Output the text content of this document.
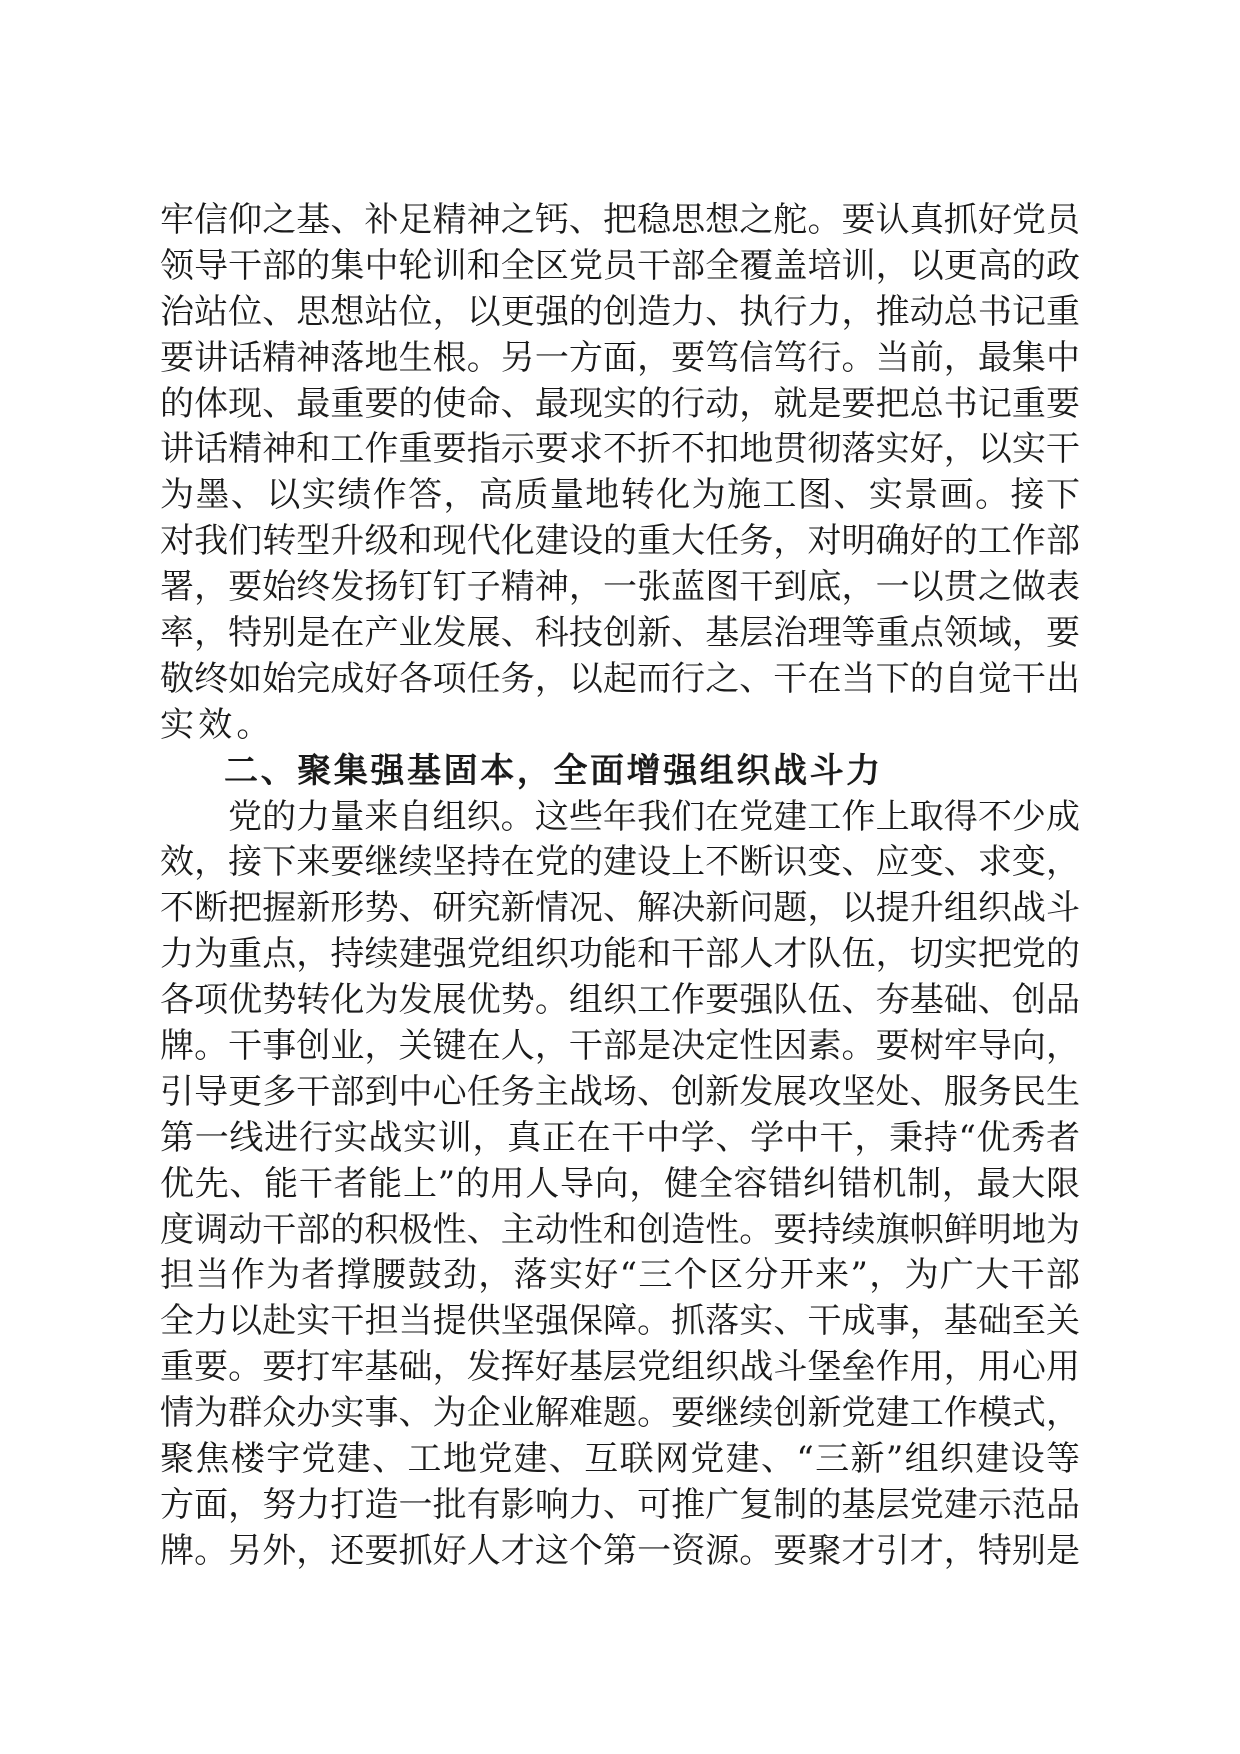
牢信仰之基、补足精神之钙、把稳思想之舵。要认真抓好党员
领导干部的集中轮训和全区党员干部全覆盖培训，以更高的政
治站位、思想站位，以更强的创造力、执行力，推动总书记重
要讲话精神落地生根。另一方面，要笃信笃行。当前，最集中
的体现、最重要的使命、最现实的行动，就是要把总书记重要
讲话精神和工作重要指示要求不折不扣地贯彻落实好，以实干
为墨、以实绩作答，高质量地转化为施工图、实景画。接下
对我们转型升级和现代化建设的重大任务，对明确好的工作部
署，要始终发扬钉钉子精神，一张蓝图干到底，一以贯之做表
率，特别是在产业发展、科技创新、基层治理等重点领域，要
敬终如始完成好各项任务，以起而行之、干在当下的自觉干出
实效。
二、聚集强基固本，全面增强组织战斗力
党的力量来自组织。这些年我们在党建工作上取得不少成
效，接下来要继续坚持在党的建设上不断识变、应变、求变，
不断把握新形势、研究新情况、解决新问题，以提升组织战斗
力为重点，持续建强党组织功能和干部人才队伍，切实把党的
各项优势转化为发展优势。组织工作要强队伍、夯基础、创品
牌。干事创业，关键在人，干部是决定性因素。要树牢导向，
引导更多干部到中心任务主战场、创新发展攻坚处、服务民生
第一线进行实战实训，真正在干中学、学中干，秉持“优秀者
优先、能干者能上”的用人导向，健全容错纠错机制，最大限
度调动干部的积极性、主动性和创造性。要持续旗帜鲜明地为
担当作为者撑腰鼓劲，落实好“三个区分开来”，为广大干部
全力以赴实干担当提供坚强保障。抓落实、干成事，基础至关
重要。要打牢基础，发挥好基层党组织战斗堡垒作用，用心用
情为群众办实事、为企业解难题。要继续创新党建工作模式，
聚焦楼宇党建、工地党建、互联网党建、“三新”组织建设等
方面，努力打造一批有影响力、可推广复制的基层党建示范品
牌。另外，还要抓好人才这个第一资源。要聚才引才，特别是
